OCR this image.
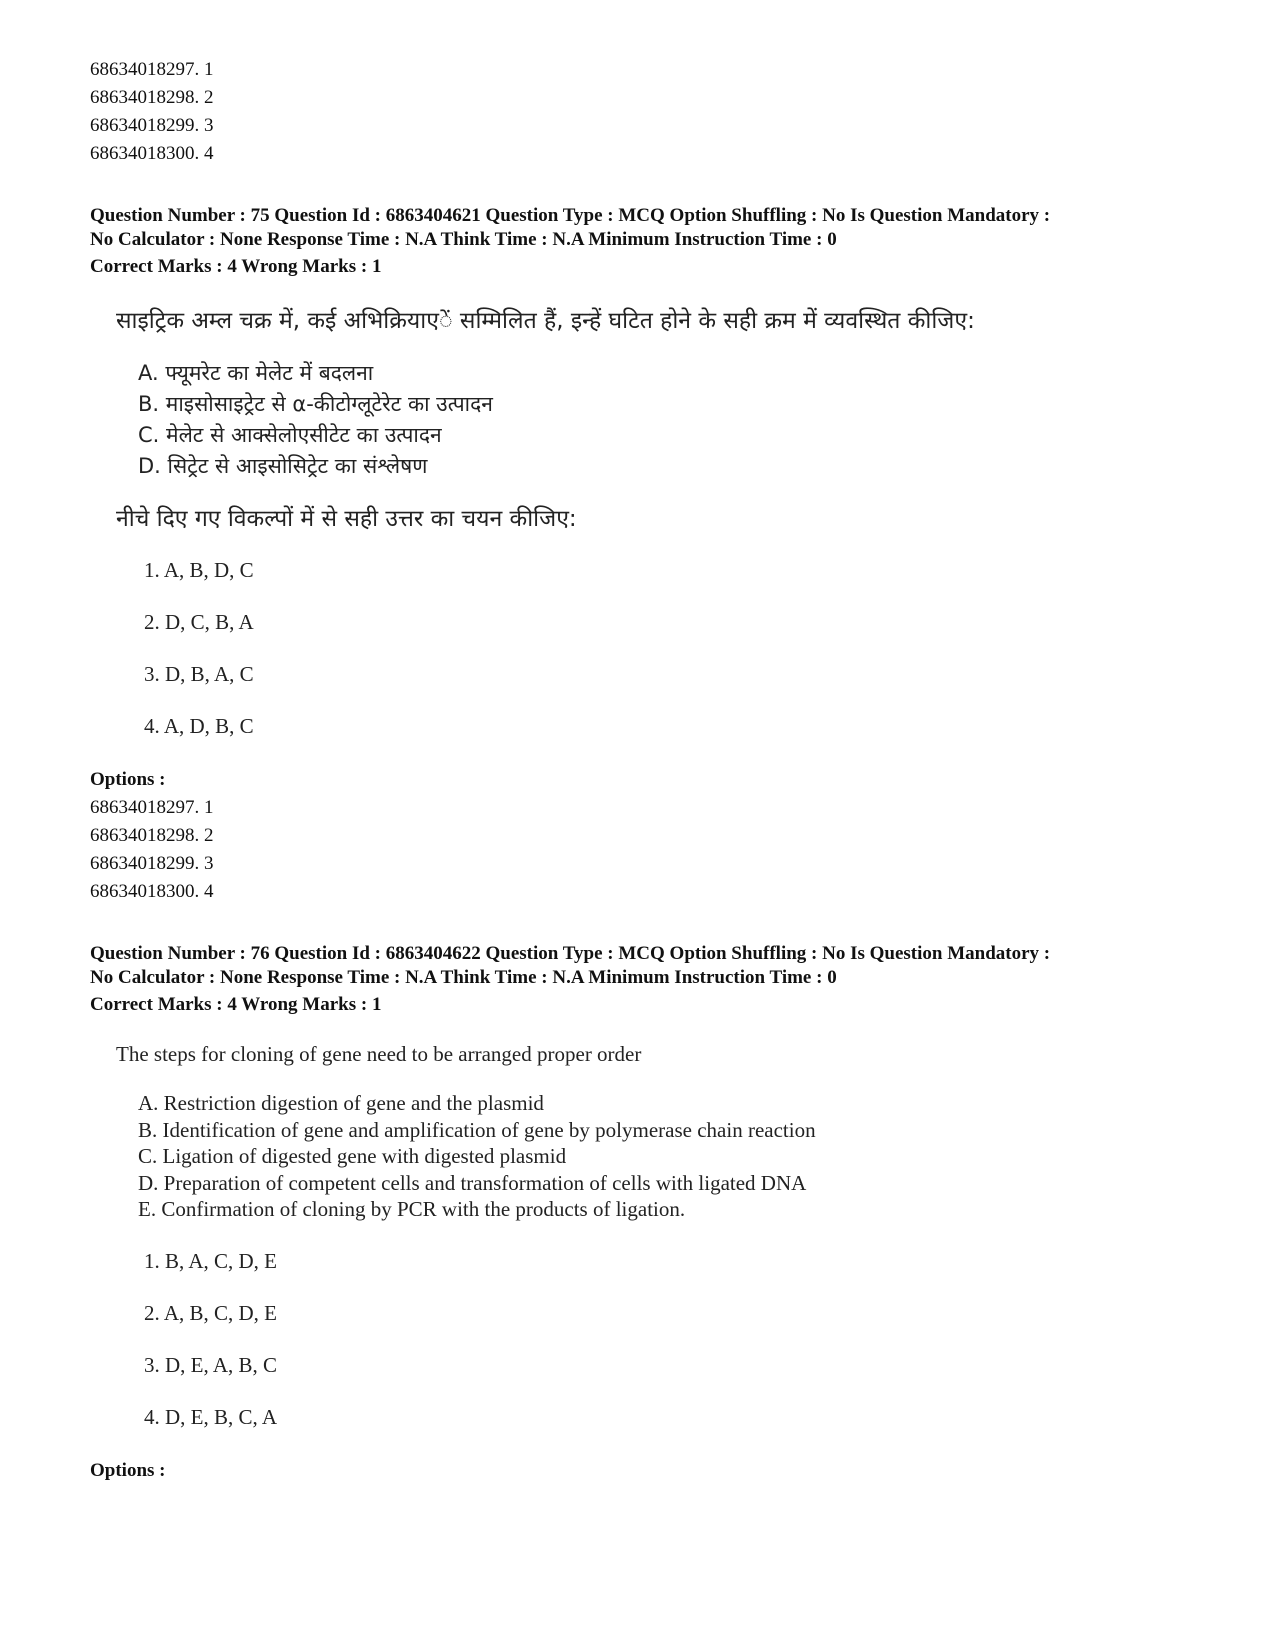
68634018297. 1

68634018298. 2

68634018299. 3

68634018300. 4

Question Number : 75 Question Id : 6863404621 Question Type : MCQ Option Shuffling : No Is Question Mandatory :

No Calculator : None Response Time : N.A Think Time : N.A Minimum Instruction Time : 0

Correct Marks : 4 Wrong Marks : 1

साइट्रिक अम्ल चक्र में, कई अभिक्रियाएें सम्मिलित हैं, इन्हें घटित होने के सही क्रम में व्यवस्थित कीजिए:

A. फ्यूमरेट का मेलेट में बदलना

B. माइसोसाइट्रेट से α-कीटोग्लूटेरेट का उत्पादन

C. मेलेट से आक्सेलोएसीटेट का उत्पादन

D. सिट्रेट से आइसोसिट्रेट का संश्लेषण

नीचे दिए गए विकल्पों में से सही उत्तर का चयन कीजिए:

1. A, B, D, C

2. D, C, B, A

3. D, B, A, C

4. A, D, B, C

Options :

68634018297. 1

68634018298. 2

68634018299. 3

68634018300. 4

Question Number : 76 Question Id : 6863404622 Question Type : MCQ Option Shuffling : No Is Question Mandatory :

No Calculator : None Response Time : N.A Think Time : N.A Minimum Instruction Time : 0

Correct Marks : 4 Wrong Marks : 1

The steps for cloning of gene need to be arranged proper order

A. Restriction digestion of gene and the plasmid

B. Identification of gene and amplification of gene by polymerase chain reaction

C. Ligation of digested gene with digested plasmid

D. Preparation of competent cells and transformation of cells with ligated DNA

E. Confirmation of cloning by PCR with the products of ligation.

1. B, A, C, D, E

2. A, B, C, D, E

3. D, E, A, B, C

4. D, E, B, C, A

Options :
